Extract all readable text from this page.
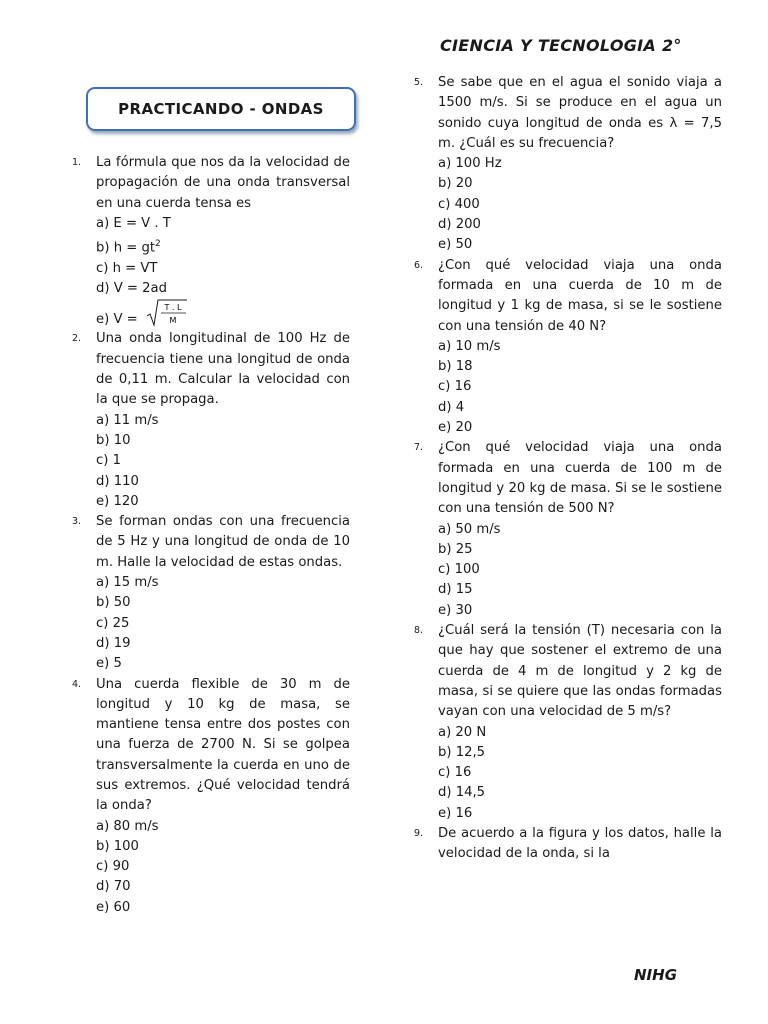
CIENCIA Y TECNOLOGIA 2°
PRACTICANDO - ONDAS
1. La fórmula que nos da la velocidad de propagación de una onda transversal en una cuerda tensa es
a) E = V . T
b) $h = gt^2$
c) h = VT
d) V = 2ad
e) V =
T . L
M
2. Una onda longitudinal de 100 Hz de frecuencia tiene una longitud de onda de 0,11 m. Calcular la velocidad con la que se propaga.
a) 11 m/s
b) 10
c) 1
d) 110
e) 120
3. Se forman ondas con una frecuencia de 5 Hz y una longitud de onda de 10 m. Halle la velocidad de estas ondas.
a) 15 m/s
b) 50
c) 25
d) 19
e) 5
4. Una cuerda flexible de 30 m de longitud y 10 kg de masa, se mantiene tensa entre dos postes con una fuerza de 2700 N. Si se golpea transversalmente la cuerda en uno de sus extremos. ¿Qué velocidad tendrá la onda?
a) 80 m/s
b) 100
c) 90
d) 70
e) 60
5. Se sabe que en el agua el sonido viaja a 1500 m/s. Si se produce en el agua un sonido cuya longitud de onda es λ = 7,5 m. ¿Cuál es su frecuencia?
a) 100 Hz
b) 20
c) 400
d) 200
e) 50
6. ¿Con qué velocidad viaja una onda formada en una cuerda de 10 m de longitud y 1 kg de masa, si se le sostiene con una tensión de 40 N?
a) 10 m/s
b) 18
c) 16
d) 4
e) 20
7. ¿Con qué velocidad viaja una onda formada en una cuerda de 100 m de longitud y 20 kg de masa. Si se le sostiene con una tensión de 500 N?
a) 50 m/s
b) 25
c) 100
d) 15
e) 30
8. ¿Cuál será la tensión (T) necesaria con la que hay que sostener el extremo de una cuerda de 4 m de longitud y 2 kg de masa, si se quiere que las ondas formadas vayan con una velocidad de 5 m/s?
a) 20 N
b) 12,5
c) 16
d) 14,5
e) 16
9. De acuerdo a la figura y los datos, halle la velocidad de la onda, si la
NIHG
